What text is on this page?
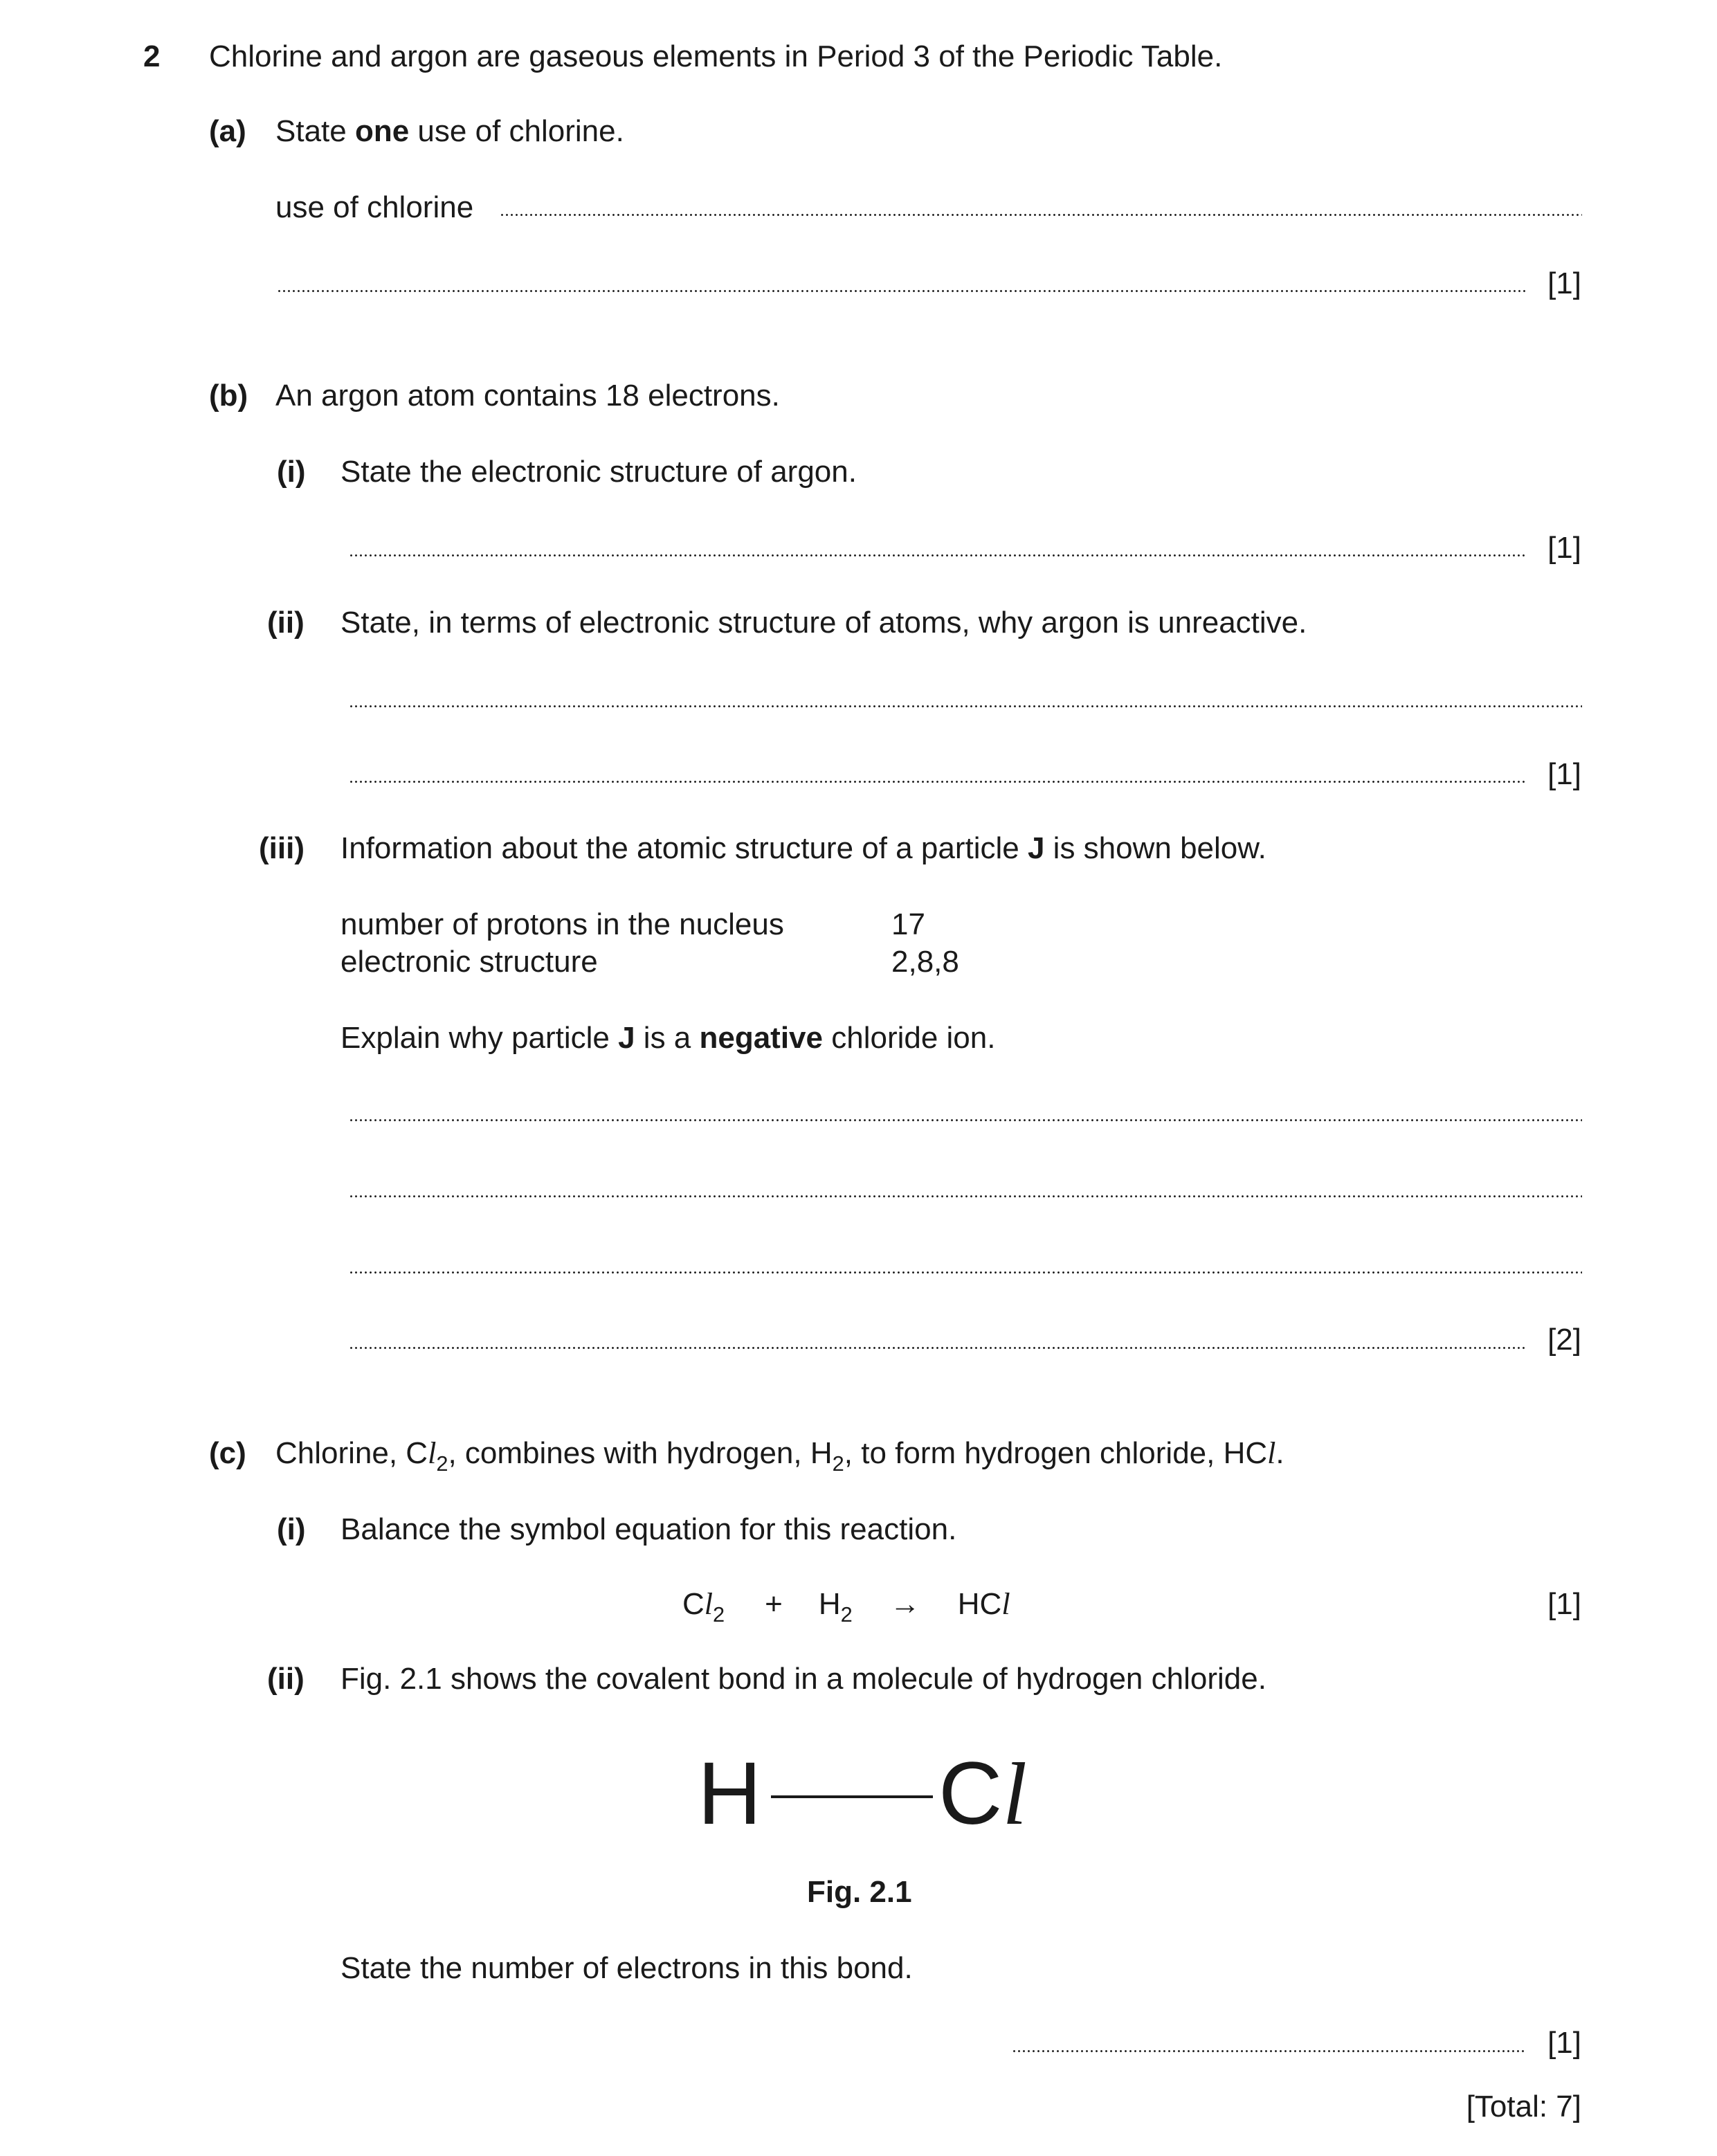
2 Chlorine and argon are gaseous elements in Period 3 of the Periodic Table.
(a) State one use of chlorine.
use of chlorine
[1]
(b) An argon atom contains 18 electrons.
(i) State the electronic structure of argon.
[1]
(ii) State, in terms of electronic structure of atoms, why argon is unreactive.
[1]
(iii) Information about the atomic structure of a particle J is shown below.
number of protons in the nucleus	17
electronic structure	2,8,8
Explain why particle J is a negative chloride ion.
[2]
(c) Chlorine, $Cl_2$, combines with hydrogen, $H_2$, to form hydrogen chloride, HCl.
(i) Balance the symbol equation for this reaction.
$Cl_2 + H_2$ → HCl	[1]
(ii) Fig. 2.1 shows the covalent bond in a molecule of hydrogen chloride.
H Cl
Fig. 2.1
State the number of electrons in this bond.
[1]
[Total: 7]
